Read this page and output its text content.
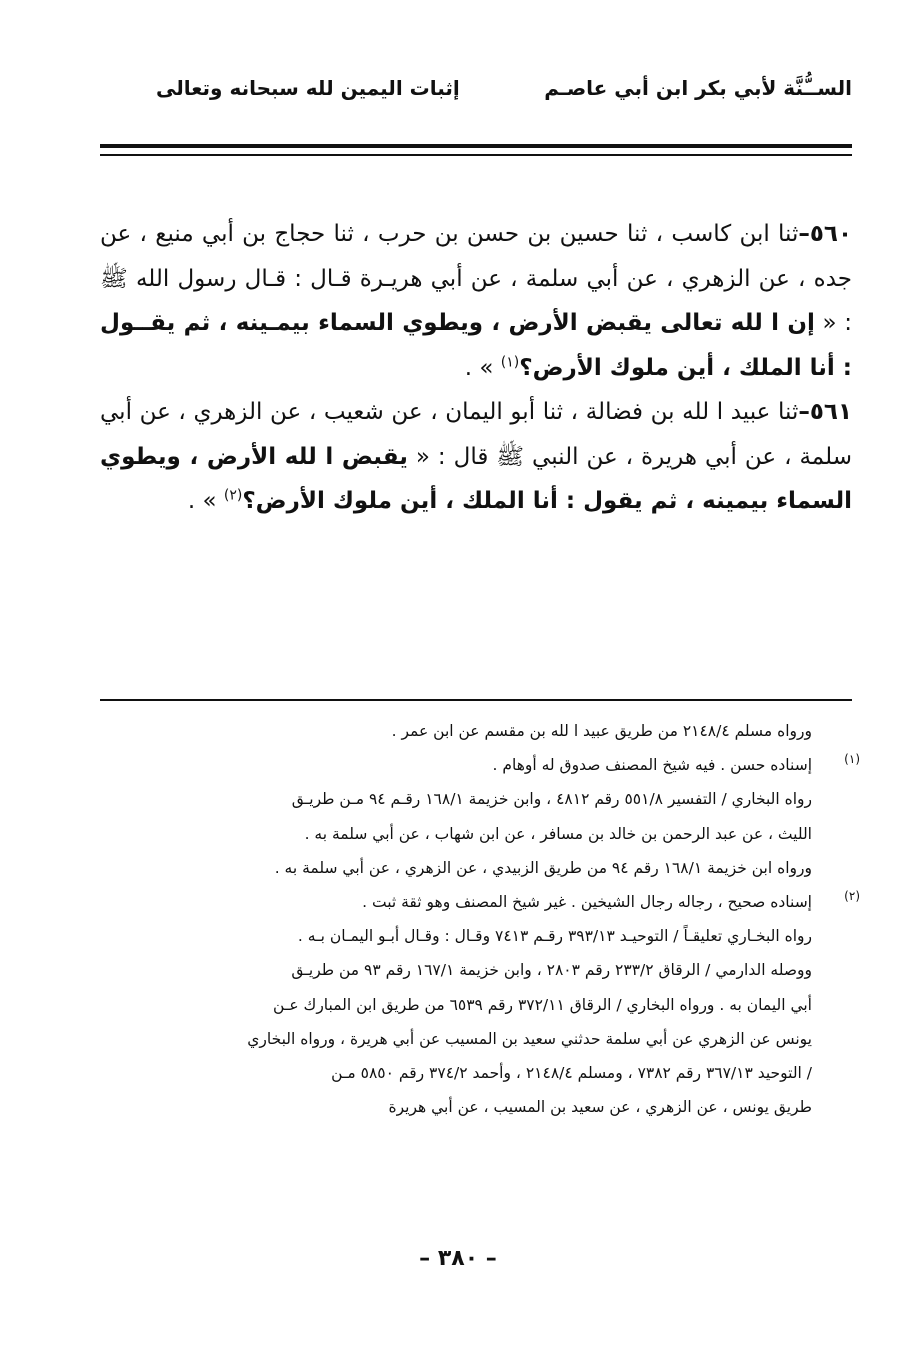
الســُّنَّة لأبي بكر ابن أبي عاصـم
إثبات اليمين لله سبحانه وتعالى

٥٦٠–ثنا ابن كاسب ، ثنا حسين بن حسن بن حرب ، ثنا حجاج بن أبي منيع ، عن جده ، عن الزهري ، عن أبي سلمة ، عن أبي هريـرة قـال : قـال رسول الله ﷺ : « إن ا لله تعالى يقبض الأرض ، ويطوي السماء بيمـينه ، ثم يقــول : أنا الملك ، أين ملوك الأرض؟$^{(١)}$ » .

٥٦١–ثنا عبيد ا لله بن فضالة ، ثنا أبو اليمان ، عن شعيب ، عن الزهري ، عن أبي سلمة ، عن أبي هريرة ، عن النبي ﷺ قال : « يقبض ا لله الأرض ، ويطوي السماء بيمينه ، ثم يقول : أنا الملك ، أين ملوك الأرض؟$^{(٢)}$ » .

ورواه مسلم ٢١٤٨/٤ من طريق عبيد ا لله بن مقسم عن ابن عمر .

(١)
إسناده حسن . فيه شيخ المصنف صدوق له أوهام .

رواه البخاري / التفسير ٥٥١/٨ رقم ٤٨١٢ ، وابن خزيمة ١٦٨/١ رقـم ٩٤ مـن طريـق

الليث ، عن عبد الرحمن بن خالد بن مسافر ، عن ابن شهاب ، عن أبي سلمة به .

ورواه ابن خزيمة ١٦٨/١ رقم ٩٤ من طريق الزبيدي ، عن الزهري ، عن أبي سلمة به .

(٢)
إسناده صحيح ، رجاله رجال الشيخين . غير شيخ المصنف وهو ثقة ثبت .

رواه البخـاري تعليقـاً / التوحيـد ٣٩٣/١٣ رقـم ٧٤١٣ وقـال : وقـال أبـو اليمـان بـه .

ووصله الدارمي / الرقاق ٢٣٣/٢ رقم ٢٨٠٣ ، وابن خزيمة ١٦٧/١ رقم ٩٣ من طريـق

أبي اليمان به . ورواه البخاري / الرقاق ٣٧٢/١١ رقم ٦٥٣٩ من طريق ابن المبارك عـن

يونس عن الزهري عن أبي سلمة حدثني سعيد بن المسيب عن أبي هريرة ، ورواه البخاري

/ التوحيد ٣٦٧/١٣ رقم ٧٣٨٢ ، ومسلم ٢١٤٨/٤ ، وأحمد ٣٧٤/٢ رقم ٥٨٥٠ مـن

طريق يونس ، عن الزهري ، عن سعيد بن المسيب ، عن أبي هريرة

– ٣٨٠ –
